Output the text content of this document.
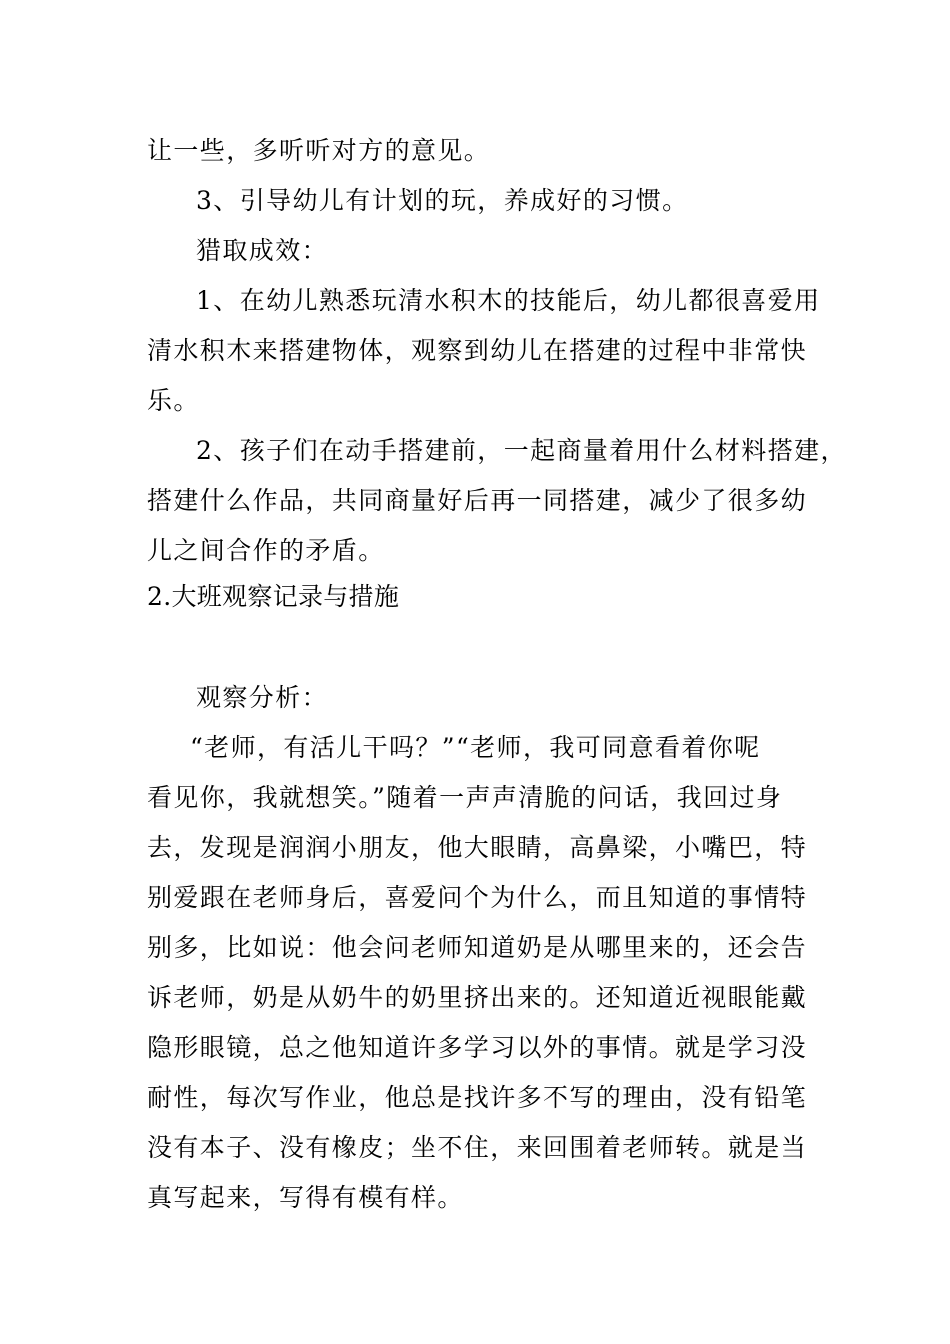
让一些，多听听对方的意见。
3、引导幼儿有计划的玩，养成好的习惯。
猎取成效：
1、在幼儿熟悉玩清水积木的技能后，幼儿都很喜爱用
清水积木来搭建物体，观察到幼儿在搭建的过程中非常快
乐。
2、孩子们在动手搭建前，一起商量着用什么材料搭建，
搭建什么作品，共同商量好后再一同搭建，减少了很多幼
儿之间合作的矛盾。
2.大班观察记录与措施
观察分析：
“老师，有活儿干吗？”“老师，我可同意看着你呢
看见你，我就想笑。”随着一声声清脆的问话，我回过身
去，发现是润润小朋友，他大眼睛，高鼻梁，小嘴巴，特
别爱跟在老师身后，喜爱问个为什么，而且知道的事情特
别多，比如说：他会问老师知道奶是从哪里来的，还会告
诉老师，奶是从奶牛的奶里挤出来的。还知道近视眼能戴
隐形眼镜，总之他知道许多学习以外的事情。就是学习没
耐性，每次写作业，他总是找许多不写的理由，没有铅笔
没有本子、没有橡皮；坐不住，来回围着老师转。就是当
真写起来，写得有模有样。
